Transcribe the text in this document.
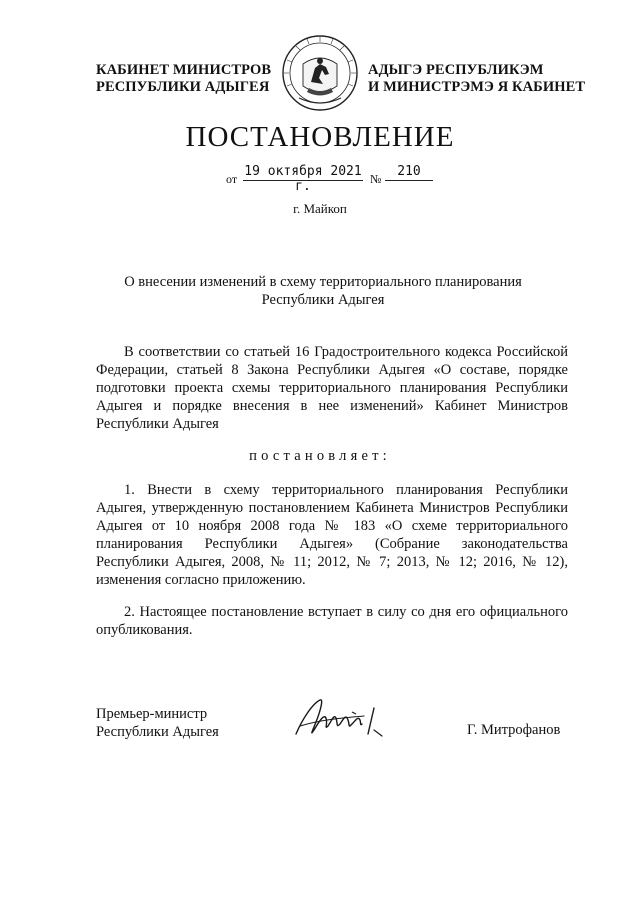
КАБИНЕТ МИНИСТРОВ
РЕСПУБЛИКИ АДЫГЕЯ
АДЫГЭ РЕСПУБЛИКЭМ
И МИНИСТРЭМЭ Я КАБИНЕТ
ПОСТАНОВЛЕНИЕ
от 19 октября 2021 г.	№	210
г. Майкоп
О внесении изменений в схему территориального планирования
Республики Адыгея
В соответствии со статьей 16 Градостроительного кодекса Российской Федерации, статьей 8 Закона Республики Адыгея «О составе, порядке подготовки проекта схемы территориального планирования Республики Адыгея и порядке внесения в нее изменений» Кабинет Министров Республики Адыгея
постановляет:
1. Внести в схему территориального планирования Республики Адыгея, утвержденную постановлением Кабинета Министров Республики Адыгея от 10 ноября 2008 года № 183 «О схеме территориального планирования Республики Адыгея» (Собрание законодательства Республики Адыгея, 2008, № 11; 2012, № 7; 2013, № 12; 2016, № 12), изменения согласно приложению.
2. Настоящее постановление вступает в силу со дня его официального опубликования.
Премьер-министр
Республики Адыгея	Г. Митрофанов
